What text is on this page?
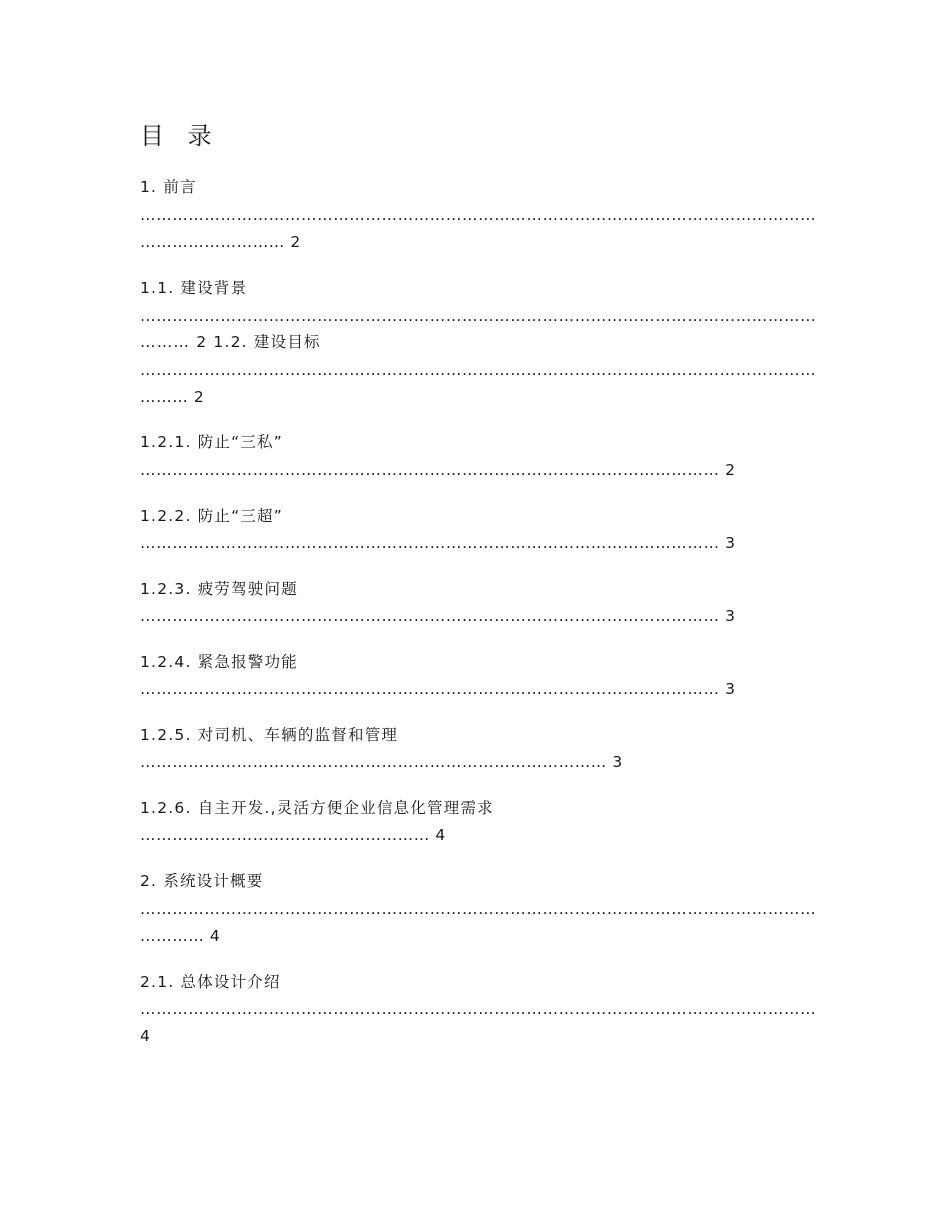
目 录
1. 前言
………………………………………………………………………………………………………………
……………………… 2
1.1. 建设背景
………………………………………………………………………………………………………………
……… 2 1.2. 建设目标
………………………………………………………………………………………………………………
……… 2
1.2.1. 防止“三私”
……………………………………………………………………………………………… 2
1.2.2. 防止“三超”
……………………………………………………………………………………………… 3
1.2.3. 疲劳驾驶问题
……………………………………………………………………………………………… 3
1.2.4. 紧急报警功能
……………………………………………………………………………………………… 3
1.2.5. 对司机、车辆的监督和管理
…………………………………………………………………………… 3
1.2.6. 自主开发.,灵活方便企业信息化管理需求
……………………………………………… 4
2. 系统设计概要
………………………………………………………………………………………………………………
………… 4
2.1. 总体设计介绍
………………………………………………………………………………………………………………
4
